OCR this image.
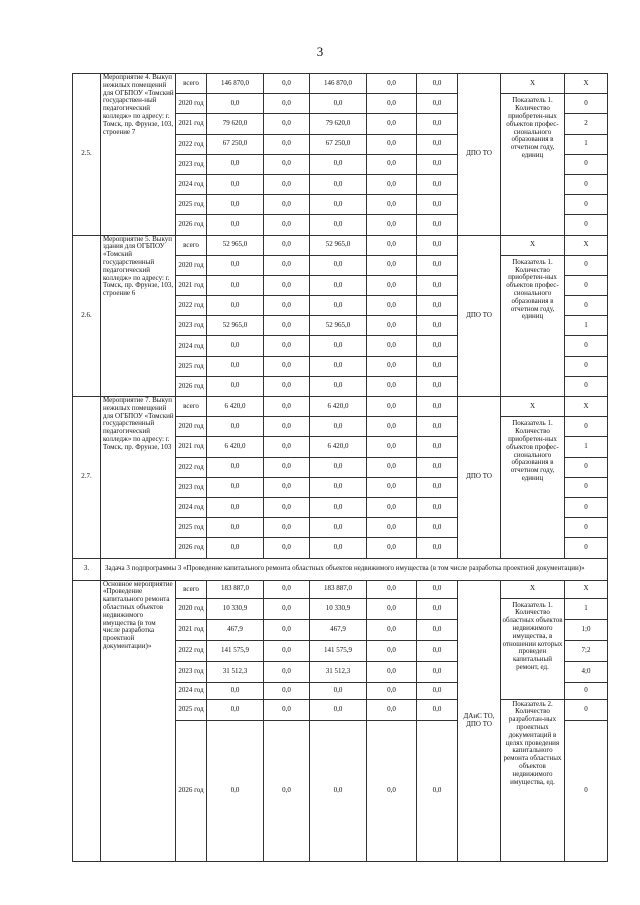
3
2.5.	Мероприятие 4. Выкуп нежилых помещений для ОГБПОУ «Томский государствен-ный педагогический колледж» по адресу: г. Томск, пр. Фрунзе, 103, строение 7	всего	146 870,0	0,0	146 870,0	0,0	0,0	ДПО ТО	Х	Х
		2020 год	0,0	0,0	0,0	0,0	0,0		Показатель 1. Количество приобретен-ных объектов профес-сионального образования в отчетном году, единиц	0
		2021 год	79 620,0	0,0	79 620,0	0,0	0,0			2
		2022 год	67 250,0	0,0	67 250,0	0,0	0,0			1
		2023 год	0,0	0,0	0,0	0,0	0,0			0
		2024 год	0,0	0,0	0,0	0,0	0,0			0
		2025 год	0,0	0,0	0,0	0,0	0,0			0
		2026 год	0,0	0,0	0,0	0,0	0,0			0
2.6.	Мероприятие 5. Выкуп здания для ОГБПОУ «Томский государственный педагогический колледж» по адресу: г. Томск, пр. Фрунзе, 103, строение 6	всего	52 965,0	0,0	52 965,0	0,0	0,0	ДПО ТО	Х	Х
		2020 год	0,0	0,0	0,0	0,0	0,0		Показатель 1. Количество приобретен-ных объектов профес-сионального образования в отчетном году, единиц	0
		2021 год	0,0	0,0	0,0	0,0	0,0			0
		2022 год	0,0	0,0	0,0	0,0	0,0			0
		2023 год	52 965,0	0,0	52 965,0	0,0	0,0			1
		2024 год	0,0	0,0	0,0	0,0	0,0			0
		2025 год	0,0	0,0	0,0	0,0	0,0			0
		2026 год	0,0	0,0	0,0	0,0	0,0			0
2.7.	Мероприятие 7. Выкуп нежилых помещений для ОГБПОУ «Томский государственный педагогический колледж» по адресу: г. Томск, пр. Фрунзе, 103	всего	6 420,0	0,0	6 420,0	0,0	0,0	ДПО ТО	Х	Х
		2020 год	0,0	0,0	0,0	0,0	0,0		Показатель 1. Количество приобретен-ных объектов профес-сионального образования в отчетном году, единиц	0
		2021 год	6 420,0	0,0	6 420,0	0,0	0,0			1
		2022 год	0,0	0,0	0,0	0,0	0,0			0
		2023 год	0,0	0,0	0,0	0,0	0,0			0
		2024 год	0,0	0,0	0,0	0,0	0,0			0
		2025 год	0,0	0,0	0,0	0,0	0,0			0
		2026 год	0,0	0,0	0,0	0,0	0,0			0
3.	Задача 3 подпрограммы 3 «Проведение капитального ремонта областных объектов недвижимого имущества (в том числе разработка проектной документации)»									
	Основное мероприятие «Проведение капитального ремонта областных объектов недвижимого имущества (в том числе разработка проектной документации)»	всего	183 887,0	0,0	183 887,0	0,0	0,0	ДАиС ТО, ДПО ТО	Х	Х
		2020 год	10 330,9	0,0	10 330,9	0,0	0,0		Показатель 1. Количество областных объектов недвижимого имущества, в отношении которых проведен капитальный ремонт, ед.	1
		2021 год	467,9	0,0	467,9	0,0	0,0			1;0
		2022 год	141 575,9	0,0	141 575,9	0,0	0,0			7;2
		2023 год	31 512,3	0,0	31 512,3	0,0	0,0			4;0
		2024 год	0,0	0,0	0,0	0,0	0,0			0
		2025 год	0,0	0,0	0,0	0,0	0,0		Показатель 2. Количество разработан-ных проектных документаций в целях проведения капитального ремонта областных объектов недвижимого имущества, ед.	0
		2026 год	0,0	0,0	0,0	0,0	0,0			0
